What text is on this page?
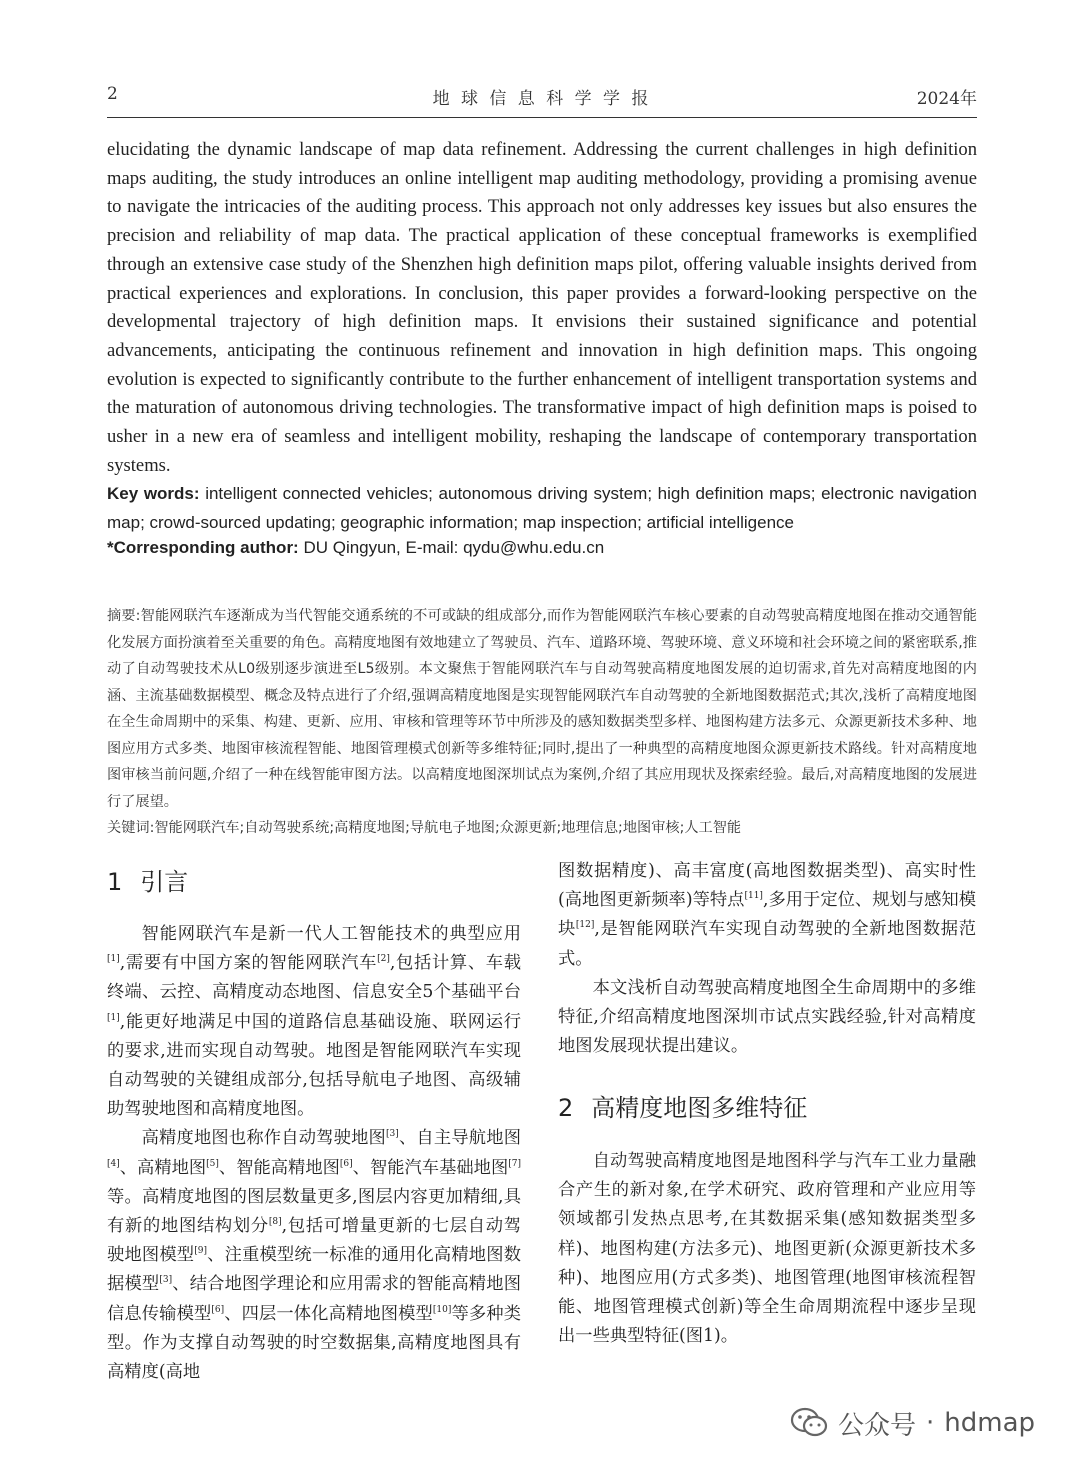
2	地 球 信 息 科 学 学 报	2024年
elucidating the dynamic landscape of map data refinement. Addressing the current challenges in high definition maps auditing, the study introduces an online intelligent map auditing methodology, providing a promising avenue to navigate the intricacies of the auditing process. This approach not only addresses key issues but also ensures the precision and reliability of map data. The practical application of these conceptual frameworks is exemplified through an extensive case study of the Shenzhen high definition maps pilot, offering valuable insights derived from practical experiences and explorations. In conclusion, this paper provides a forward-looking perspective on the developmental trajectory of high definition maps. It envisions their sustained significance and potential advancements, anticipating the continuous refinement and innovation in high definition maps. This ongoing evolution is expected to significantly contribute to the further enhancement of intelligent transportation systems and the maturation of autonomous driving technologies. The transformative impact of high definition maps is poised to usher in a new era of seamless and intelligent mobility, reshaping the landscape of contemporary transportation systems.
Key words: intelligent connected vehicles; autonomous driving system; high definition maps; electronic navigation map; crowd-sourced updating; geographic information; map inspection; artificial intelligence
*Corresponding author: DU Qingyun, E-mail: qydu@whu.edu.cn
摘要:智能网联汽车逐渐成为当代智能交通系统的不可或缺的组成部分,而作为智能网联汽车核心要素的自动驾驶高精度地图在推动交通智能化发展方面扮演着至关重要的角色。高精度地图有效地建立了驾驶员、汽车、道路环境、驾驶环境、意义环境和社会环境之间的紧密联系,推动了自动驾驶技术从L0级别逐步演进至L5级别。本文聚焦于智能网联汽车与自动驾驶高精度地图发展的迫切需求,首先对高精度地图的内涵、主流基础数据模型、概念及特点进行了介绍,强调高精度地图是实现智能网联汽车自动驾驶的全新地图数据范式;其次,浅析了高精度地图在全生命周期中的采集、构建、更新、应用、审核和管理等环节中所涉及的感知数据类型多样、地图构建方法多元、众源更新技术多种、地图应用方式多类、地图审核流程智能、地图管理模式创新等多维特征;同时,提出了一种典型的高精度地图众源更新技术路线。针对高精度地图审核当前问题,介绍了一种在线智能审图方法。以高精度地图深圳试点为案例,介绍了其应用现状及探索经验。最后,对高精度地图的发展进行了展望。
关键词:智能网联汽车;自动驾驶系统;高精度地图;导航电子地图;众源更新;地理信息;地图审核;人工智能
1 引言

智能网联汽车是新一代人工智能技术的典型应用[1],需要有中国方案的智能网联汽车[2],包括计算、车载终端、云控、高精度动态地图、信息安全5个基础平台[1],能更好地满足中国的道路信息基础设施、联网运行的要求,进而实现自动驾驶。地图是智能网联汽车实现自动驾驶的关键组成部分,包括导航电子地图、高级辅助驾驶地图和高精度地图。

高精度地图也称作自动驾驶地图[3]、自主导航地图[4]、高精地图[5]、智能高精地图[6]、智能汽车基础地图[7]等。高精度地图的图层数量更多,图层内容更加精细,具有新的地图结构划分[8],包括可增量更新的七层自动驾驶地图模型[9]、注重模型统一标准的通用化高精地图数据模型[3]、结合地图学理论和应用需求的智能高精地图信息传输模型[6]、四层一体化高精地图模型[10]等多种类型。作为支撑自动驾驶的时空数据集,高精度地图具有高精度(高地

图数据精度)、高丰富度(高地图数据类型)、高实时性(高地图更新频率)等特点[11],多用于定位、规划与感知模块[12],是智能网联汽车实现自动驾驶的全新地图数据范式。

本文浅析自动驾驶高精度地图全生命周期中的多维特征,介绍高精度地图深圳市试点实践经验,针对高精度地图发展现状提出建议。

2 高精度地图多维特征

自动驾驶高精度地图是地图科学与汽车工业力量融合产生的新对象,在学术研究、政府管理和产业应用等领域都引发热点思考,在其数据采集(感知数据类型多样)、地图构建(方法多元)、地图更新(众源更新技术多种)、地图应用(方式多类)、地图管理(地图审核流程智能、地图管理模式创新)等全生命周期流程中逐步呈现出一些典型特征(图1)。

公众号 · hdmap
